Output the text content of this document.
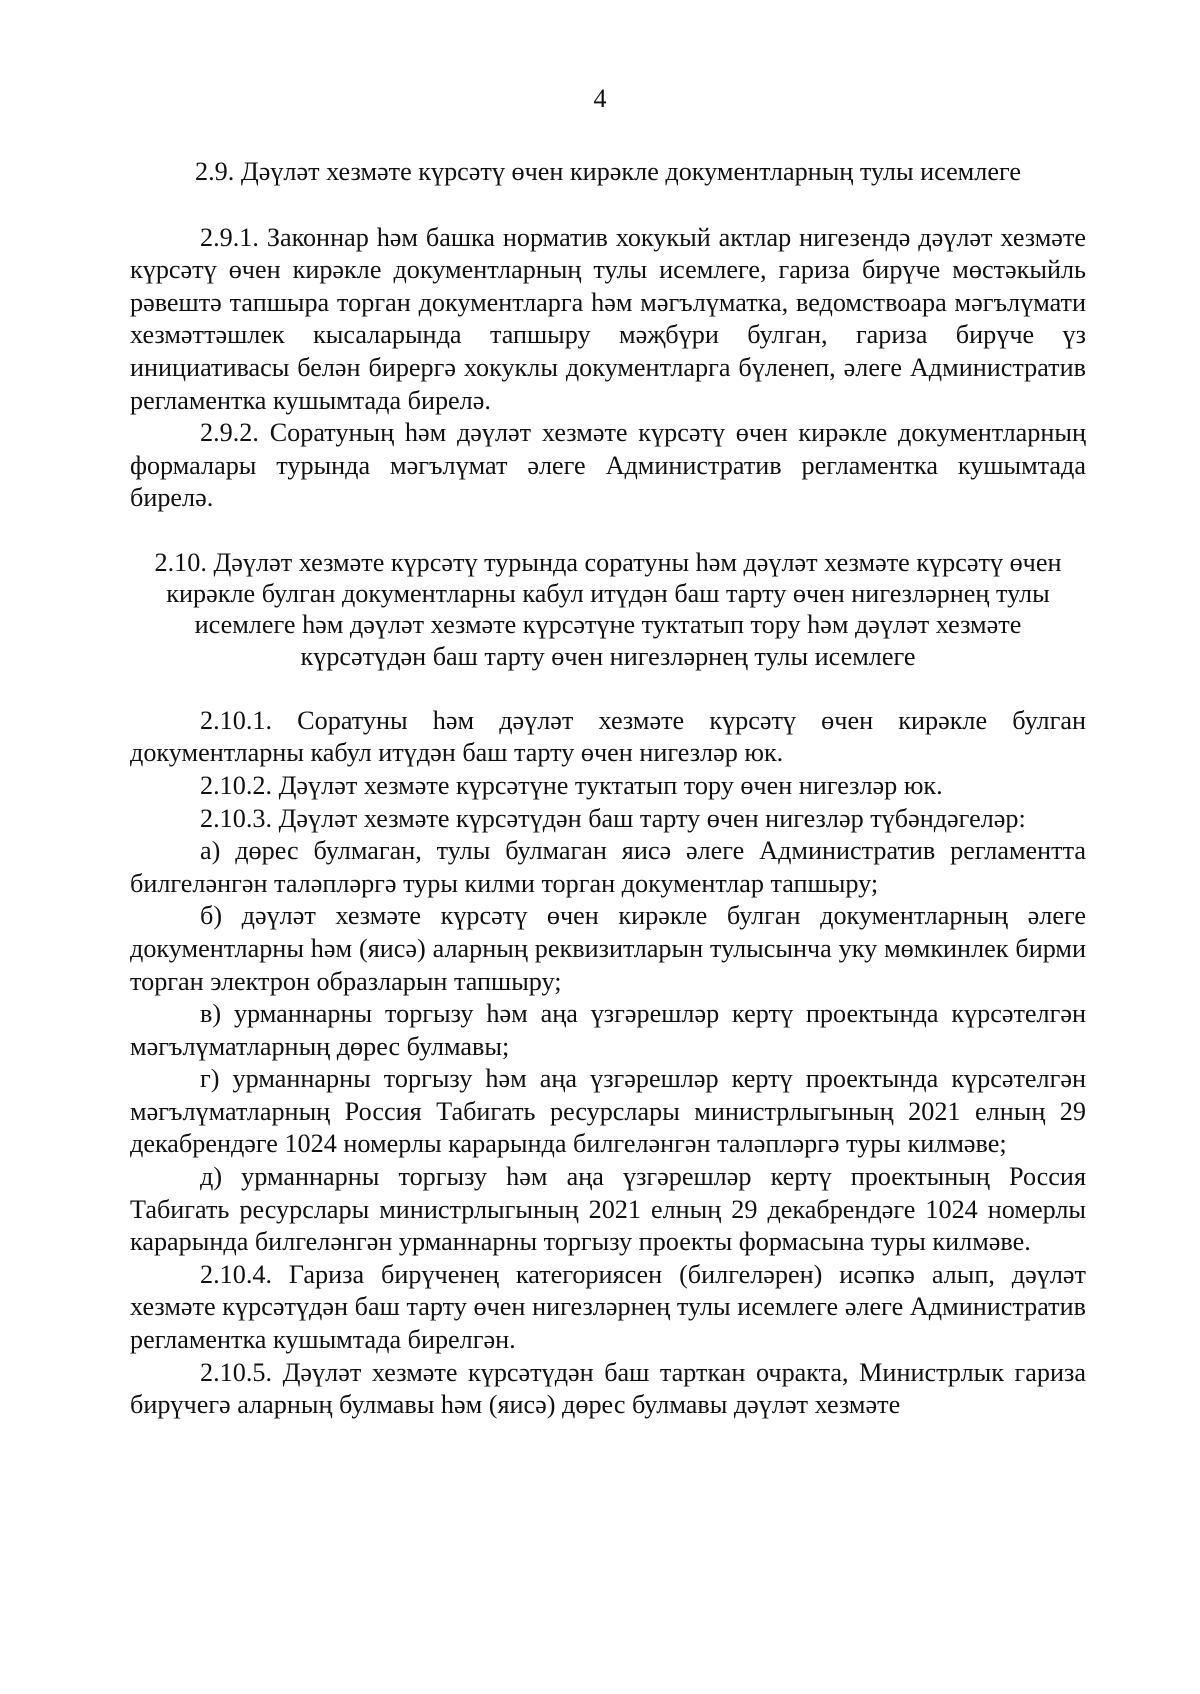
4

2.9. Дәүләт хезмәте күрсәтү өчен кирәкле документларның тулы исемлеге

2.9.1. Законнар һәм башка норматив хокукый актлар нигезендә дәүләт хезмәте күрсәтү өчен кирәкле документларның тулы исемлеге, гариза бирүче мөстәкыйль рәвештә тапшыра торган документларга һәм мәгълүматка, ведомствоара мәгълүмати хезмәттәшлек кысаларында тапшыру мәҗбүри булган, гариза бирүче үз инициативасы белән бирергә хокуклы документларга бүленеп, әлеге Административ регламентка кушымтада бирелә.

2.9.2. Соратуның һәм дәүләт хезмәте күрсәтү өчен кирәкле документларның формалары турында мәгълүмат әлеге Административ регламентка кушымтада бирелә.

2.10. Дәүләт хезмәте күрсәтү турында соратуны һәм дәүләт хезмәте күрсәтү өчен кирәкле булган документларны кабул итүдән баш тарту өчен нигезләрнең тулы исемлеге һәм дәүләт хезмәте күрсәтүне туктатып тору һәм дәүләт хезмәте күрсәтүдән баш тарту өчен нигезләрнең тулы исемлеге

2.10.1. Соратуны һәм дәүләт хезмәте күрсәтү өчен кирәкле булган документларны кабул итүдән баш тарту өчен нигезләр юк.

2.10.2. Дәүләт хезмәте күрсәтүне туктатып тору өчен нигезләр юк.

2.10.3. Дәүләт хезмәте күрсәтүдән баш тарту өчен нигезләр түбәндәгеләр:

а) дөрес булмаган, тулы булмаган яисә әлеге Административ регламентта билгеләнгән таләпләргә туры килми торган документлар тапшыру;

б) дәүләт хезмәте күрсәтү өчен кирәкле булган документларның әлеге документларны һәм (яисә) аларның реквизитларын тулысынча уку мөмкинлек бирми торган электрон образларын тапшыру;

в) урманнарны торгызу һәм аңа үзгәрешләр кертү проектында күрсәтелгән мәгълүматларның дөрес булмавы;

г) урманнарны торгызу һәм аңа үзгәрешләр кертү проектында күрсәтелгән мәгълүматларның Россия Табигать ресурслары министрлыгының 2021 елның 29 декабрендәге 1024 номерлы карарында билгеләнгән таләпләргә туры килмәве;

д) урманнарны торгызу һәм аңа үзгәрешләр кертү проектының Россия Табигать ресурслары министрлыгының 2021 елның 29 декабрендәге 1024 номерлы карарында билгеләнгән урманнарны торгызу проекты формасына туры килмәве.

2.10.4. Гариза бирүченең категориясен (билгеләрен) исәпкә алып, дәүләт хезмәте күрсәтүдән баш тарту өчен нигезләрнең тулы исемлеге әлеге Административ регламентка кушымтада бирелгән.

2.10.5. Дәүләт хезмәте күрсәтүдән баш тарткан очракта, Министрлык гариза бирүчегә аларның булмавы һәм (яисә) дөрес булмавы дәүләт хезмәте
